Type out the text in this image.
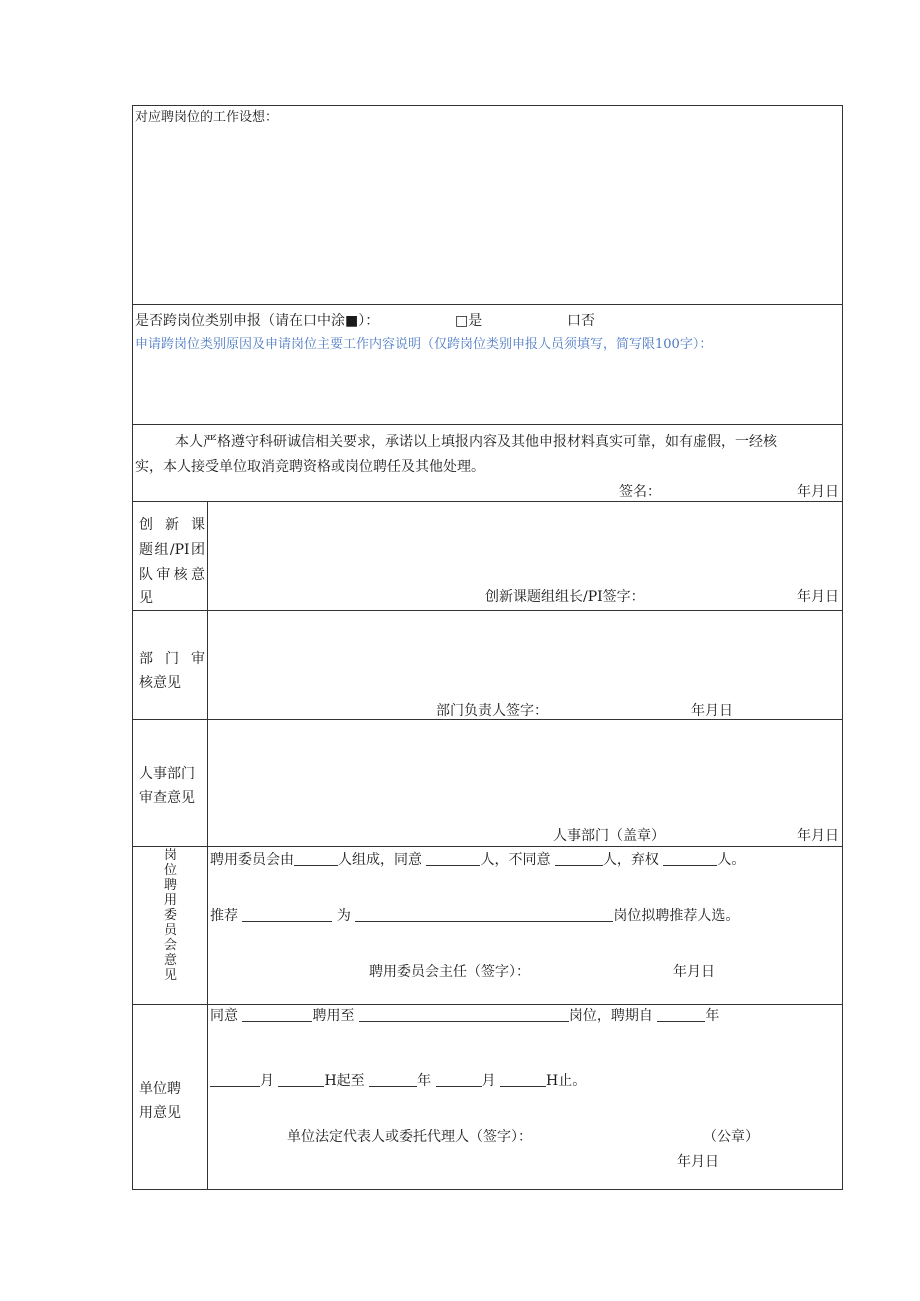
对应聘岗位的工作设想：
是否跨岗位类别申报（请在口中涂■）：	□是	口否
申请跨岗位类别原因及申请岗位主要工作内容说明（仅跨岗位类别申报人员须填写，简写限100字）：
本人严格遵守科研诚信相关要求，承诺以上填报内容及其他申报材料真实可靠，如有虚假，一经核
实，本人接受单位取消竞聘资格或岗位聘任及其他处理。
签名：	年月日
创新课
题组/PI团
队审核意
见	创新课题组组长/PI签字：	年月日
部门审
核意见
部门负责人签字：	年月日
人事部门
审查意见
人事部门（盖章）	年月日
岗
位
聘
用
委
员
会
意
见
聘用委员会由	人组成，同意	人，不同意	人，弃权	人。
推荐	为	岗位拟聘推荐人选。
聘用委员会主任（签字）：	年月日
单位聘
用意见
同意	聘用至	岗位，聘期自	年
月	H起至	年	月	H止。
单位法定代表人或委托代理人（签字）：	（公章）
年月日
